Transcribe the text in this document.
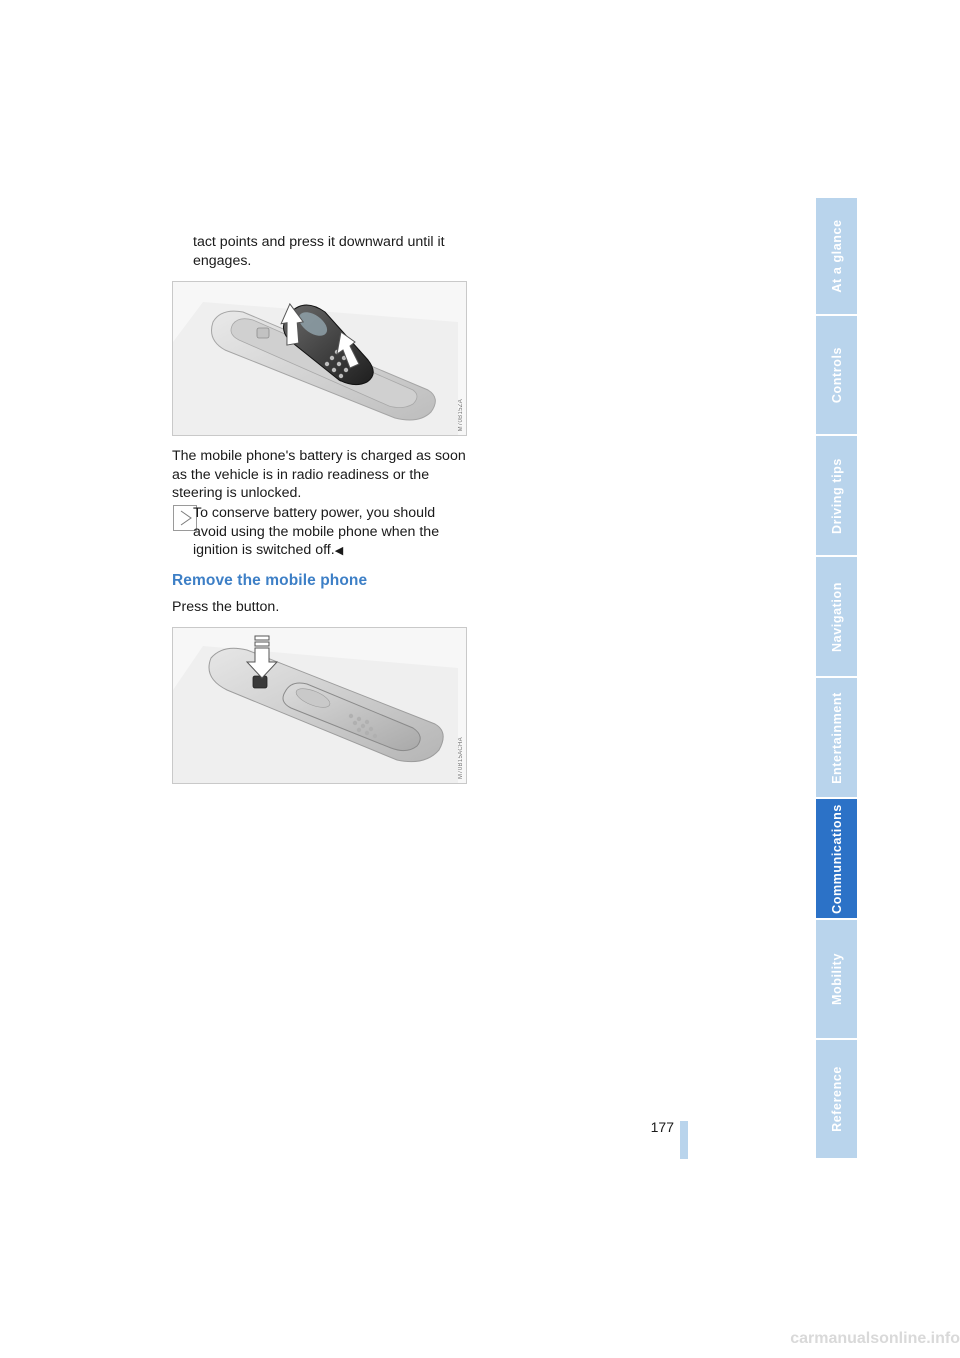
tact points and press it downward until it engages.
M70B15ZA
The mobile phone's battery is charged as soon as the vehicle is in radio readiness or the steering is unlocked.
To conserve battery power, you should avoid using the mobile phone when the ignition is switched off.◀
Remove the mobile phone
Press the button.
M70B15ACHA
At a glance
Controls
Driving tips
Navigation
Entertainment
Communications
Mobility
Reference
177
carmanualsonline.info
